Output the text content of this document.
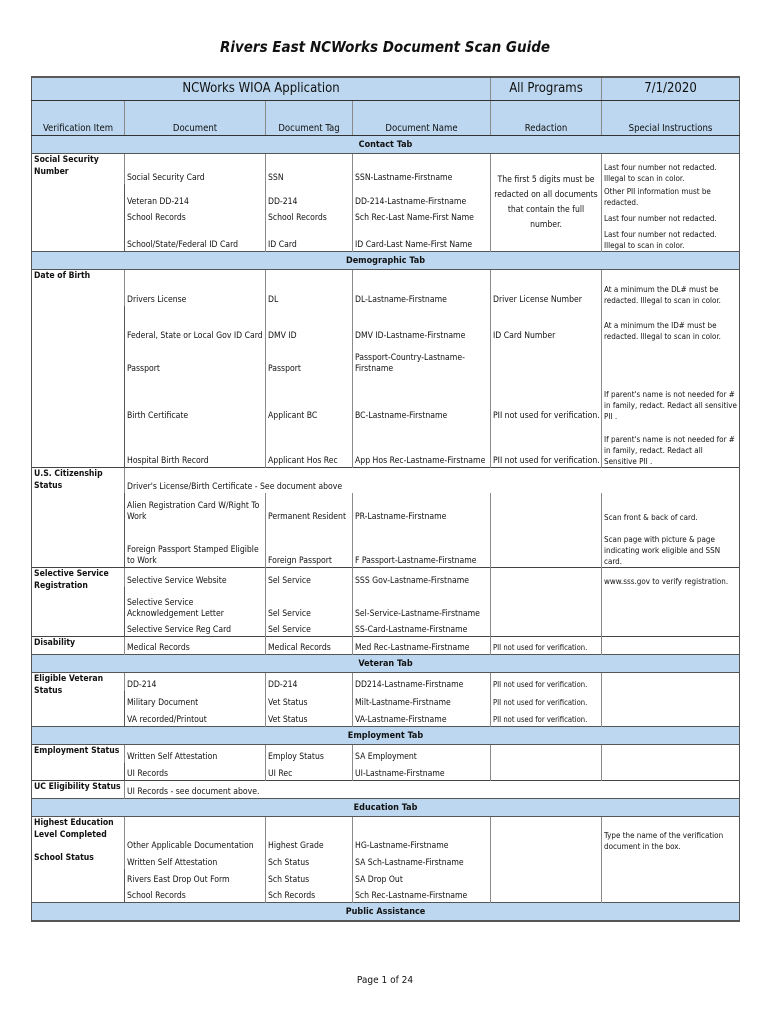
Rivers East NCWorks Document Scan Guide
NCWorks WIOA Application				All Programs	7/1/2020
Verification Item	Document	Document Tag	Document Name	Redaction	Special Instructions
Contact Tab					
Social Security Number	Social Security Card	SSN	SSN-Lastname-Firstname	The first 5 digits must be redacted on all documents that contain the full number.	Last four number not redacted. Illegal to scan in color.
	Veteran DD-214	DD-214	DD-214-Lastname-Firstname		Other PII information must be redacted.
	School Records	School Records	Sch Rec-Last Name-First Name		Last four number not redacted.
	School/State/Federal ID Card	ID Card	ID Card-Last Name-First Name		Last four number not redacted. Illegal to scan in color.
Demographic Tab					
Date of Birth	Drivers License	DL	DL-Lastname-Firstname	Driver License Number	At a minimum the DL# must be redacted. Illegal to scan in color.
	Federal, State or Local Gov ID Card	DMV ID	DMV ID-Lastname-Firstname	ID Card Number	At a minimum the ID# must be redacted. Illegal to scan in color.
	Passport	Passport	Passport-Country-Lastname-Firstname		
	Birth Certificate	Applicant BC	BC-Lastname-Firstname	PII not used for verification.	If parent's name is not needed for # in family, redact. Redact all sensitive PII .
	Hospital Birth Record	Applicant Hos Rec	App Hos Rec-Lastname-Firstname	PII not used for verification.	If parent's name is not needed for # in family, redact. Redact all Sensitive PII .
U.S. Citizenship Status	Driver's License/Birth Certificate - See document above				
	Alien Registration Card W/Right To Work	Permanent Resident	PR-Lastname-Firstname		Scan front & back of card.
	Foreign Passport Stamped Eligible to Work	Foreign Passport	F Passport-Lastname-Firstname		Scan page with picture & page indicating work eligible and SSN card.
Selective Service Registration	Selective Service Website	Sel Service	SSS Gov-Lastname-Firstname		www.sss.gov to verify registration.
	Selective Service Acknowledgement Letter	Sel Service	Sel-Service-Lastname-Firstname		
	Selective Service Reg Card	Sel Service	SS-Card-Lastname-Firstname		
Disability	Medical Records	Medical Records	Med Rec-Lastname-Firstname	PII not used for verification.	
Veteran Tab					
Eligible Veteran Status	DD-214	DD-214	DD214-Lastname-Firstname	PII not used for verification.	
	Military Document	Vet Status	Milt-Lastname-Firstname	PII not used for verification.	
	VA recorded/Printout	Vet Status	VA-Lastname-Firstname	PII not used for verification.	
Employment Tab					
Employment Status	Written Self Attestation	Employ Status	SA Employment		
	UI Records	UI Rec	UI-Lastname-Firstname		
UC Eligibility Status	UI Records - see document above.				
Education Tab					
Highest Education Level Completed	Other Applicable Documentation	Highest Grade	HG-Lastname-Firstname		Type the name of the verification document in the box.
School Status	Written Self Attestation	Sch Status	SA Sch-Lastname-Firstname		
	Rivers East Drop Out Form	Sch Status	SA Drop Out		
	School Records	Sch Records	Sch Rec-Lastname-Firstname		
Public Assistance					
Page 1 of 24
